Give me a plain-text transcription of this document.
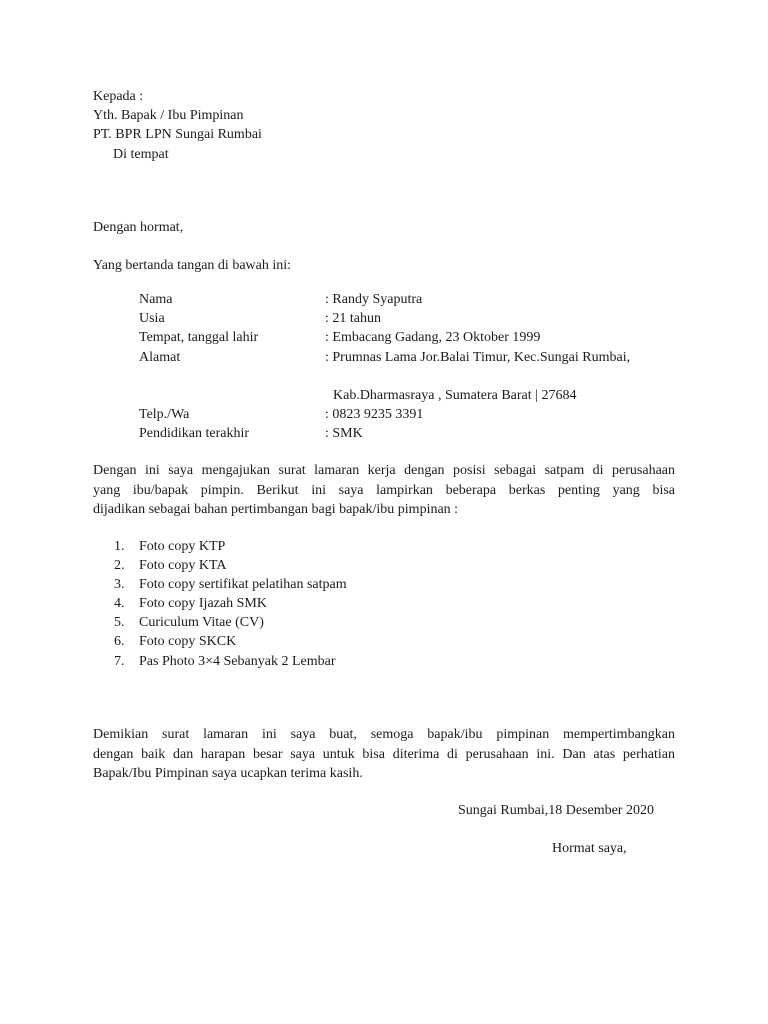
Kepada :
Yth. Bapak / Ibu Pimpinan
PT. BPR LPN Sungai Rumbai
Di tempat
Dengan hormat,
Yang bertanda tangan di bawah ini:
Nama	: Randy Syaputra
Usia	: 21 tahun
Tempat, tanggal lahir	: Embacang Gadang, 23 Oktober 1999
Alamat	: Prumnas Lama Jor.Balai Timur, Kec.Sungai Rumbai,
Kab.Dharmasraya , Sumatera Barat | 27684
Telp./Wa	: 0823 9235 3391
Pendidikan terakhir	: SMK
Dengan ini saya mengajukan surat lamaran kerja dengan posisi sebagai satpam di perusahaan
yang ibu/bapak pimpin. Berikut ini saya lampirkan beberapa berkas penting yang bisa
dijadikan sebagai bahan pertimbangan bagi bapak/ibu pimpinan :
1.	Foto copy KTP
2.	Foto copy KTA
3.	Foto copy sertifikat pelatihan satpam
4.	Foto copy Ijazah SMK
5.	Curiculum Vitae (CV)
6.	Foto copy SKCK
7.	Pas Photo 3×4 Sebanyak 2 Lembar
Demikian surat lamaran ini saya buat, semoga bapak/ibu pimpinan mempertimbangkan
dengan baik dan harapan besar saya untuk bisa diterima di perusahaan ini. Dan atas perhatian
Bapak/Ibu Pimpinan saya ucapkan terima kasih.
Sungai Rumbai,18 Desember 2020
Hormat saya,
